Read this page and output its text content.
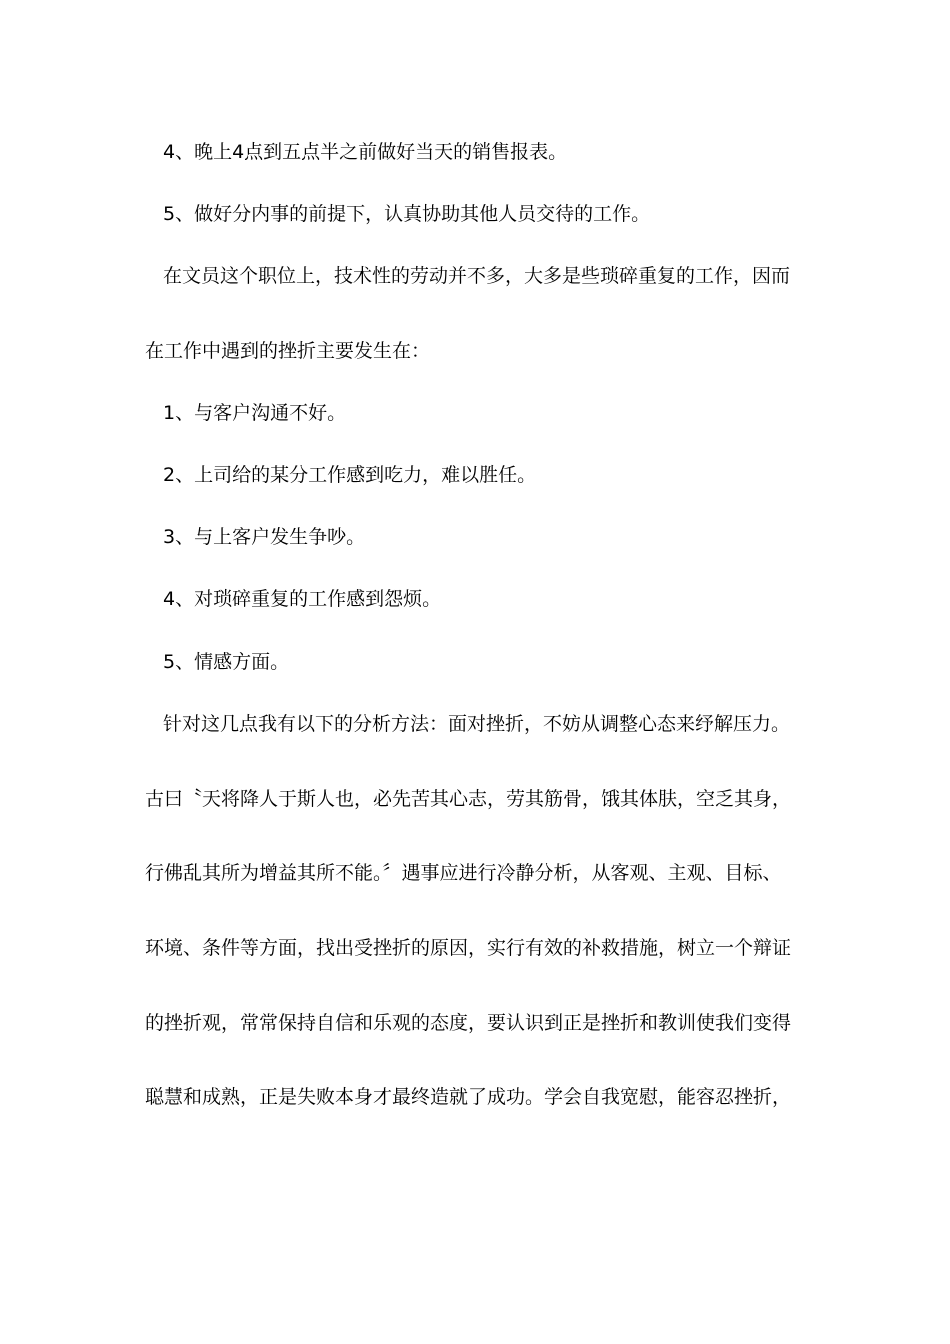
4、晚上4点到五点半之前做好当天的销售报表。
5、做好分内事的前提下，认真协助其他人员交待的工作。
在文员这个职位上，技术性的劳动并不多，大多是些琐碎重复的工作，因而
在工作中遇到的挫折主要发生在：
1、与客户沟通不好。
2、上司给的某分工作感到吃力，难以胜任。
3、与上客户发生争吵。
4、对琐碎重复的工作感到怨烦。
5、情感方面。
针对这几点我有以下的分析方法：面对挫折，不妨从调整心态来纾解压力。
古曰〝天将降人于斯人也，必先苦其心志，劳其筋骨，饿其体肤，空乏其身，
行佛乱其所为增益其所不能。〞遇事应进行冷静分析，从客观、主观、目标、
环境、条件等方面，找出受挫折的原因，实行有效的补救措施，树立一个辩证
的挫折观，常常保持自信和乐观的态度，要认识到正是挫折和教训使我们变得
聪慧和成熟，正是失败本身才最终造就了成功。学会自我宽慰，能容忍挫折，
